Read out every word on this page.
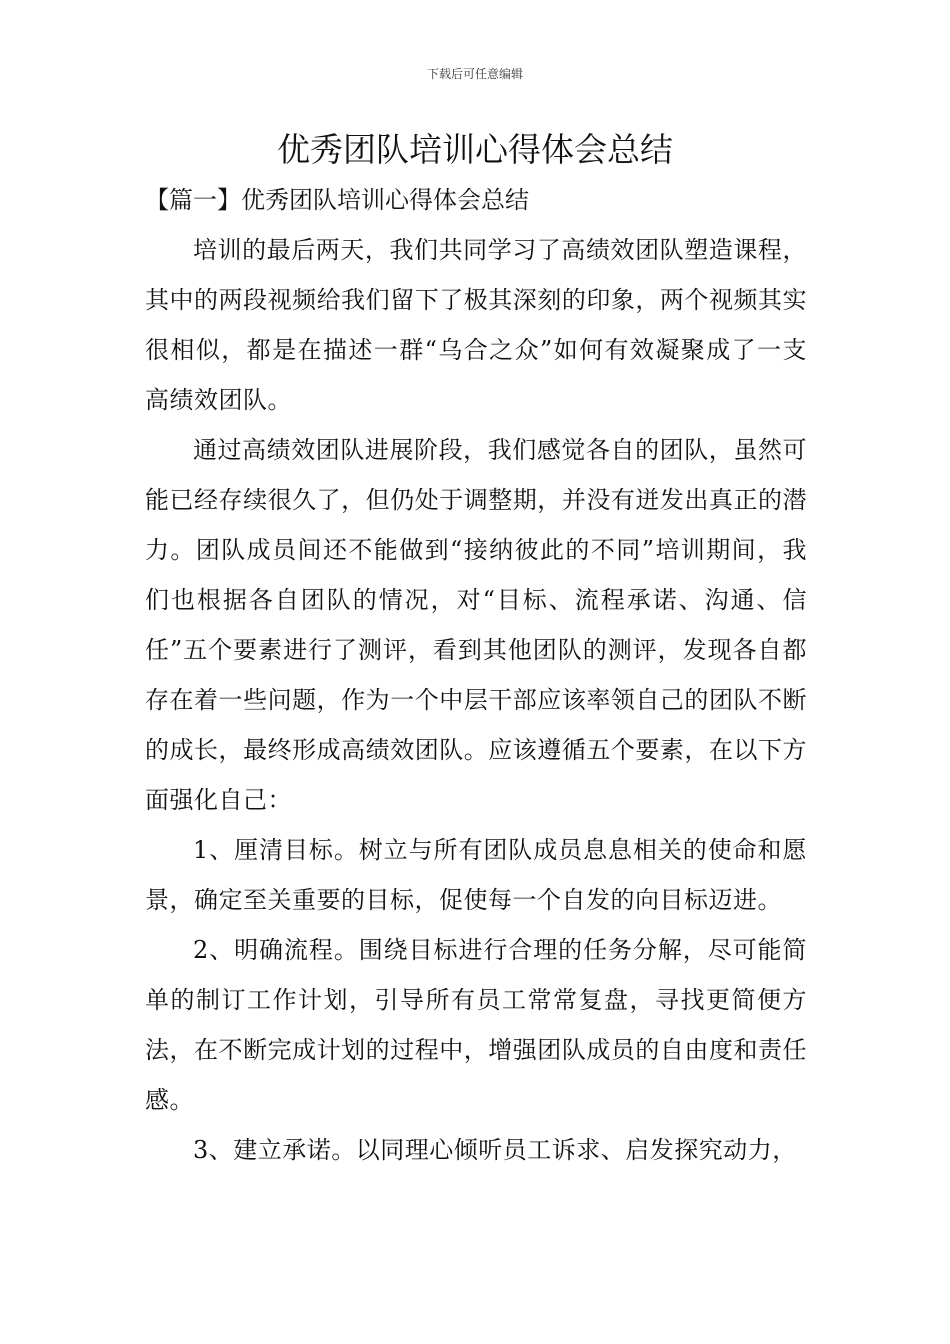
下载后可任意编辑
优秀团队培训心得体会总结

【篇一】优秀团队培训心得体会总结

培训的最后两天，我们共同学习了高绩效团队塑造课程，其中的两段视频给我们留下了极其深刻的印象，两个视频其实很相似，都是在描述一群“乌合之众”如何有效凝聚成了一支高绩效团队。

通过高绩效团队进展阶段，我们感觉各自的团队，虽然可能已经存续很久了，但仍处于调整期，并没有迸发出真正的潜力。团队成员间还不能做到“接纳彼此的不同”培训期间，我们也根据各自团队的情况，对“目标、流程承诺、沟通、信任”五个要素进行了测评，看到其他团队的测评，发现各自都存在着一些问题，作为一个中层干部应该率领自己的团队不断的成长，最终形成高绩效团队。应该遵循五个要素，在以下方面强化自己：

1、厘清目标。树立与所有团队成员息息相关的使命和愿景，确定至关重要的目标，促使每一个自发的向目标迈进。

2、明确流程。围绕目标进行合理的任务分解，尽可能简单的制订工作计划，引导所有员工常常复盘，寻找更简便方法，在不断完成计划的过程中，增强团队成员的自由度和责任感。

3、建立承诺。以同理心倾听员工诉求、启发探究动力，
